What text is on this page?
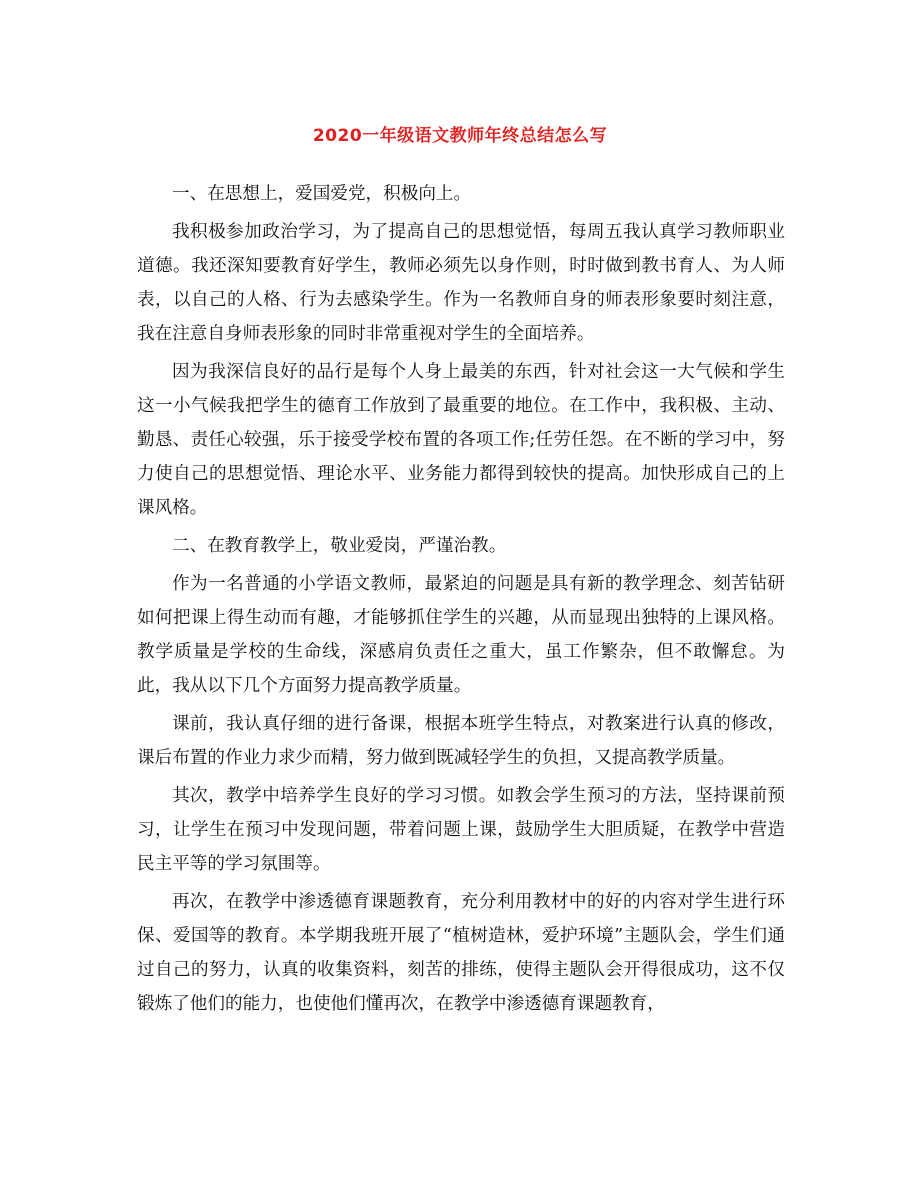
2020一年级语文教师年终总结怎么写

一、在思想上，爱国爱党，积极向上。

我积极参加政治学习，为了提高自己的思想觉悟，每周五我认真学习教师职业道德。我还深知要教育好学生，教师必须先以身作则，时时做到教书育人、为人师表，以自己的人格、行为去感染学生。作为一名教师自身的师表形象要时刻注意，我在注意自身师表形象的同时非常重视对学生的全面培养。

因为我深信良好的品行是每个人身上最美的东西，针对社会这一大气候和学生这一小气候我把学生的德育工作放到了最重要的地位。在工作中，我积极、主动、勤恳、责任心较强，乐于接受学校布置的各项工作;任劳任怨。在不断的学习中，努力使自己的思想觉悟、理论水平、业务能力都得到较快的提高。加快形成自己的上课风格。

二、在教育教学上，敬业爱岗，严谨治教。

作为一名普通的小学语文教师，最紧迫的问题是具有新的教学理念、刻苦钻研如何把课上得生动而有趣，才能够抓住学生的兴趣，从而显现出独特的上课风格。教学质量是学校的生命线，深感肩负责任之重大，虽工作繁杂，但不敢懈怠。为此，我从以下几个方面努力提高教学质量。

课前，我认真仔细的进行备课，根据本班学生特点，对教案进行认真的修改，课后布置的作业力求少而精，努力做到既减轻学生的负担，又提高教学质量。

其次，教学中培养学生良好的学习习惯。如教会学生预习的方法，坚持课前预习，让学生在预习中发现问题，带着问题上课，鼓励学生大胆质疑，在教学中营造民主平等的学习氛围等。

再次，在教学中渗透德育课题教育，充分利用教材中的好的内容对学生进行环保、爱国等的教育。本学期我班开展了“植树造林，爱护环境”主题队会，学生们通过自己的努力，认真的收集资料，刻苦的排练，使得主题队会开得很成功，这不仅锻炼了他们的能力，也使他们懂再次，在教学中渗透德育课题教育，
